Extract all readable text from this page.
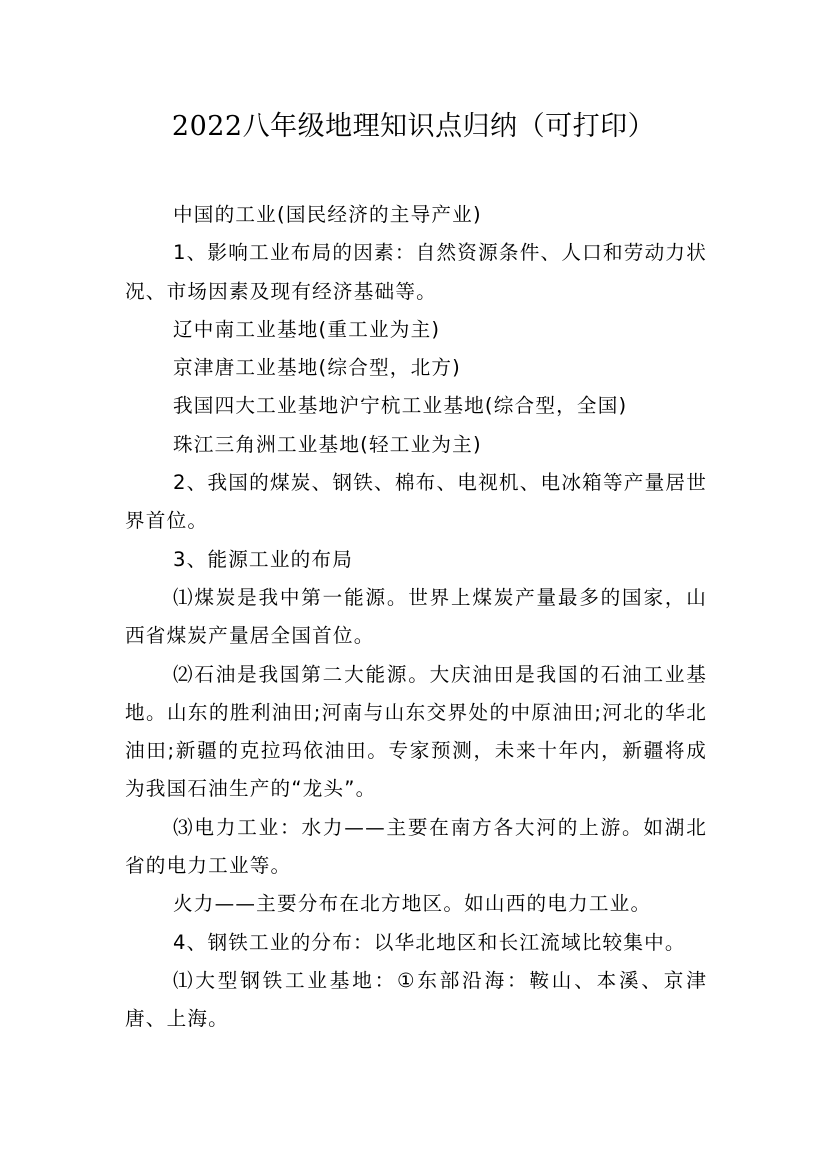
2022八年级地理知识点归纳（可打印）

中国的工业(国民经济的主导产业)

1、影响工业布局的因素：自然资源条件、人口和劳动力状况、市场因素及现有经济基础等。

辽中南工业基地(重工业为主)

京津唐工业基地(综合型，北方)

我国四大工业基地沪宁杭工业基地(综合型，全国)

珠江三角洲工业基地(轻工业为主)

2、我国的煤炭、钢铁、棉布、电视机、电冰箱等产量居世界首位。

3、能源工业的布局

⑴煤炭是我中第一能源。世界上煤炭产量最多的国家，山西省煤炭产量居全国首位。

⑵石油是我国第二大能源。大庆油田是我国的石油工业基地。山东的胜利油田;河南与山东交界处的中原油田;河北的华北油田;新疆的克拉玛依油田。专家预测，未来十年内，新疆将成为我国石油生产的“龙头”。

⑶电力工业：水力——主要在南方各大河的上游。如湖北省的电力工业等。

火力——主要分布在北方地区。如山西的电力工业。

4、钢铁工业的分布：以华北地区和长江流域比较集中。

⑴大型钢铁工业基地：①东部沿海：鞍山、本溪、京津唐、上海。
